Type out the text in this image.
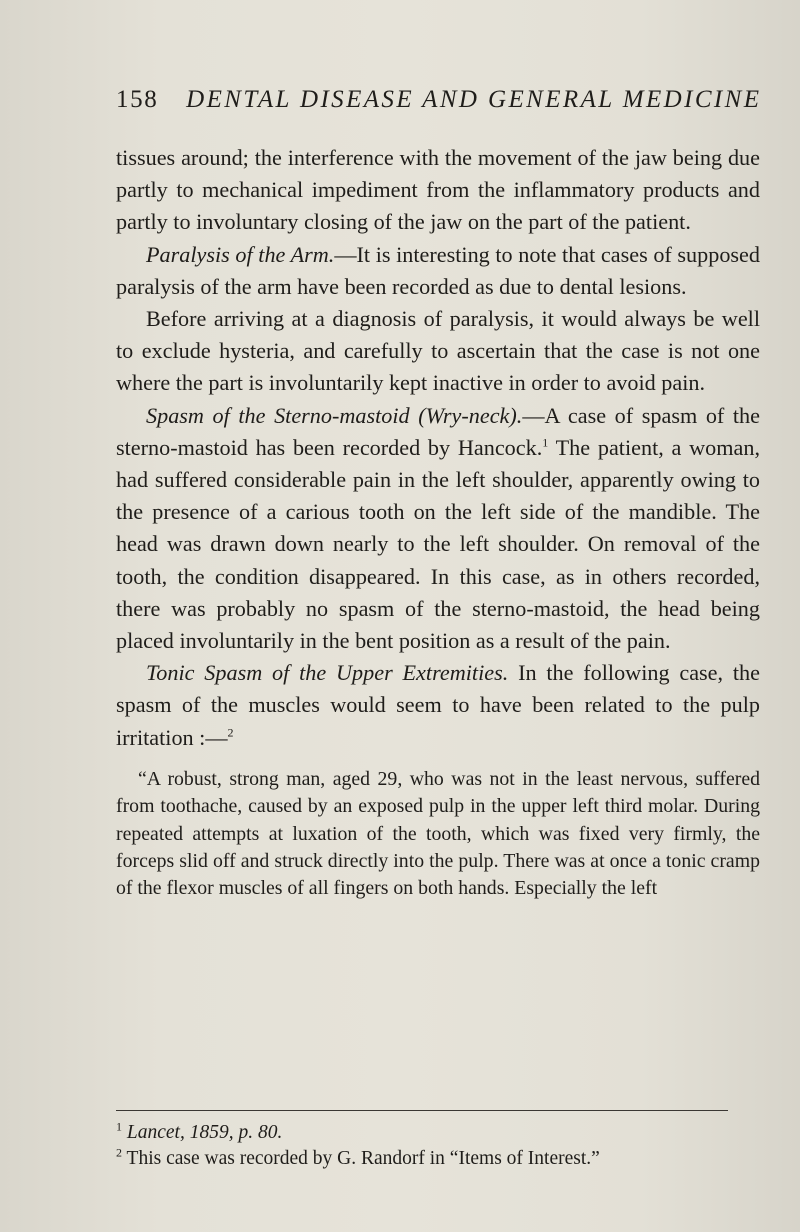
158 DENTAL DISEASE AND GENERAL MEDICINE

tissues around; the interference with the movement of the jaw being due partly to mechanical impediment from the inflammatory products and partly to involuntary closing of the jaw on the part of the patient.

Paralysis of the Arm.—It is interesting to note that cases of supposed paralysis of the arm have been recorded as due to dental lesions.

Before arriving at a diagnosis of paralysis, it would always be well to exclude hysteria, and carefully to ascertain that the case is not one where the part is involuntarily kept inactive in order to avoid pain.

Spasm of the Sterno-mastoid (Wry-neck).—A case of spasm of the sterno-mastoid has been recorded by Hancock.$^1$ The patient, a woman, had suffered considerable pain in the left shoulder, apparently owing to the presence of a carious tooth on the left side of the mandible. The head was drawn down nearly to the left shoulder. On removal of the tooth, the condition disappeared. In this case, as in others recorded, there was probably no spasm of the sterno-mastoid, the head being placed involuntarily in the bent position as a result of the pain.

Tonic Spasm of the Upper Extremities. In the following case, the spasm of the muscles would seem to have been related to the pulp irritation :—$^2$

“A robust, strong man, aged 29, who was not in the least nervous, suffered from toothache, caused by an exposed pulp in the upper left third molar. During repeated attempts at luxation of the tooth, which was fixed very firmly, the forceps slid off and struck directly into the pulp. There was at once a tonic cramp of the flexor muscles of all fingers on both hands. Especially the left

$^1$ Lancet, 1859, p. 80.

$^2$ This case was recorded by G. Randorf in “Items of Interest.”
